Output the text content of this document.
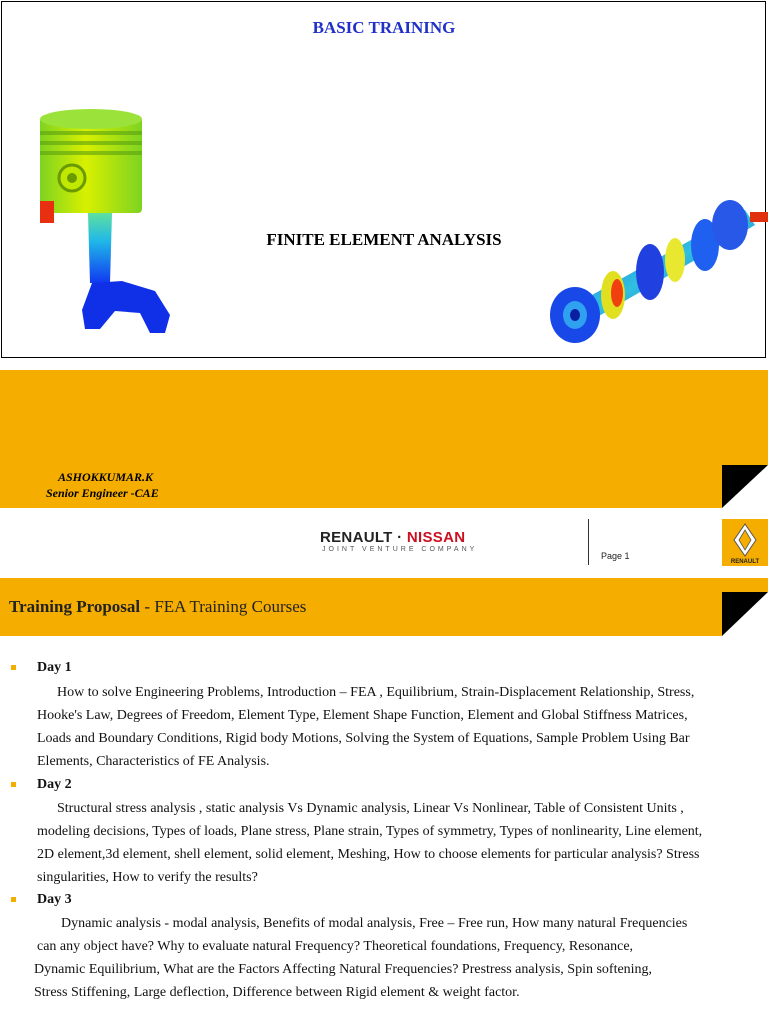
BASIC TRAINING
FINITE ELEMENT ANALYSIS
ASHOKKUMAR.K
Senior Engineer -CAE
RENAULT · NISSAN
JOINT VENTURE COMPANY
Page 1
RENAULT
Training Proposal - FEA Training Courses
Day 1
How to solve Engineering Problems, Introduction – FEA , Equilibrium, Strain-Displacement Relationship, Stress,
Hooke's Law, Degrees of Freedom, Element Type, Element Shape Function, Element and Global Stiffness Matrices,
Loads and Boundary Conditions, Rigid body Motions, Solving the System of Equations, Sample Problem Using Bar
Elements, Characteristics of FE Analysis.
Day 2
Structural stress analysis , static analysis Vs Dynamic analysis, Linear Vs Nonlinear, Table of Consistent Units ,
modeling decisions, Types of loads, Plane stress, Plane strain, Types of symmetry, Types of nonlinearity, Line element,
2D element,3d element, shell element, solid element, Meshing, How to choose elements for particular analysis? Stress
singularities, How to verify the results?
Day 3
Dynamic analysis - modal analysis, Benefits of modal analysis, Free – Free run, How many natural Frequencies
can any object have? Why to evaluate natural Frequency? Theoretical foundations, Frequency, Resonance,
Dynamic Equilibrium, What are the Factors Affecting Natural Frequencies? Prestress analysis, Spin softening,
Stress Stiffening, Large deflection, Difference between Rigid element & weight factor.
